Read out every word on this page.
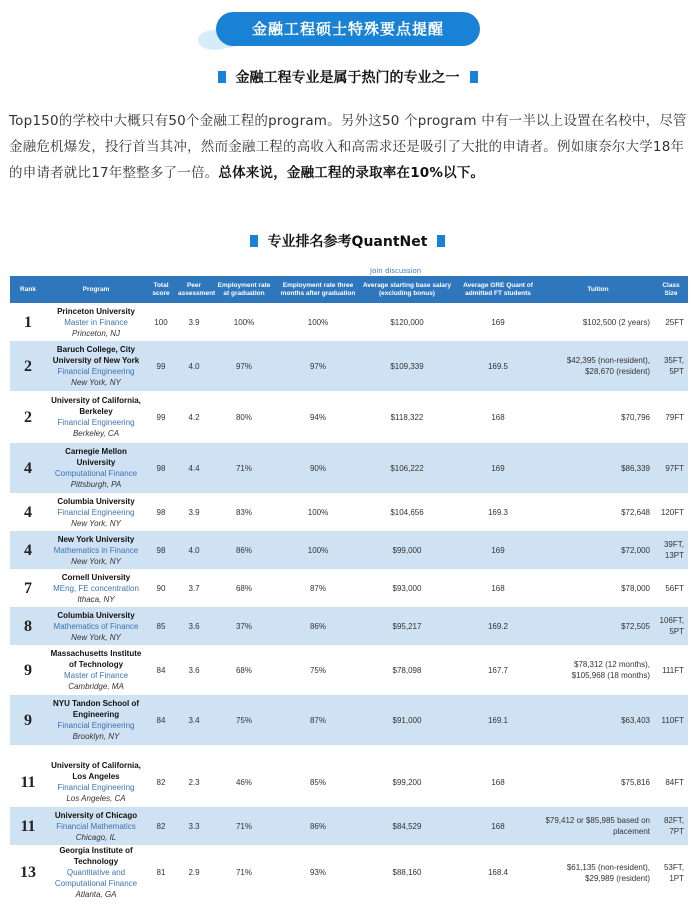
金融工程硕士特殊要点提醒
金融工程专业是属于热门的专业之一
Top150的学校中大概只有50个金融工程的program。另外这50 个program 中有一半以上设置在名校中，尽管金融危机爆发，投行首当其冲，然而金融工程的高收入和高需求还是吸引了大批的申请者。例如康奈尔大学18年的申请者就比17年整整多了一倍。总体来说，金融工程的录取率在10%以下。
专业排名参考QuantNet
Join discussion
Rank	Program	Total score	Peer assessment	Employment rate at graduation	Employment rate three months after graduation	Average starting base salary (excluding bonus)	Average GRE Quant of admitted FT students	Tuition	Class Size
1	Princeton University
Master in Finance
Princeton, NJ	100	3.9	100%	100%	$120,000	169	$102,500 (2 years)	25FT
2	Baruch College, City University of New York
Financial Engineering
New York, NY	99	4.0	97%	97%	$109,339	169.5	$42,395 (non-resident), $28,670 (resident)	35FT, 5PT
2	University of California, Berkeley
Financial Engineering
Berkeley, CA	99	4.2	80%	94%	$118,322	168	$70,796	79FT
4	Carnegie Mellon University
Computational Finance
Pittsburgh, PA	98	4.4	71%	90%	$106,222	169	$86,339	97FT
4	Columbia University
Financial Engineering
New York, NY	98	3.9	83%	100%	$104,656	169.3	$72,648	120FT
4	New York University
Mathematics in Finance
New York, NY	98	4.0	86%	100%	$99,000	169	$72,000	39FT, 13PT
7	Cornell University
MEng, FE concentration
Ithaca, NY	90	3.7	68%	87%	$93,000	168	$78,000	56FT
8	Columbia University
Mathematics of Finance
New York, NY	85	3.6	37%	86%	$95,217	169.2	$72,505	106FT, 5PT
9	Massachusetts Institute of Technology
Master of Finance
Cambridge, MA	84	3.6	68%	75%	$78,098	167.7	$78,312 (12 months), $105,968 (18 months)	111FT
9	NYU Tandon School of Engineering
Financial Engineering
Brooklyn, NY	84	3.4	75%	87%	$91,000	169.1	$63,403	110FT

11	University of California, Los Angeles
Financial Engineering
Los Angeles, CA	82	2.3	46%	85%	$99,200	168	$75,816	84FT
11	University of Chicago
Financial Mathematics
Chicago, IL	82	3.3	71%	86%	$84,529	168	$79,412 or $85,985 based on placement	82FT, 7PT
13	Georgia Institute of Technology
Quantitative and Computational Finance
Atlanta, GA	81	2.9	71%	93%	$88,160	168.4	$61,135 (non-resident), $29,989 (resident)	53FT, 1PT
